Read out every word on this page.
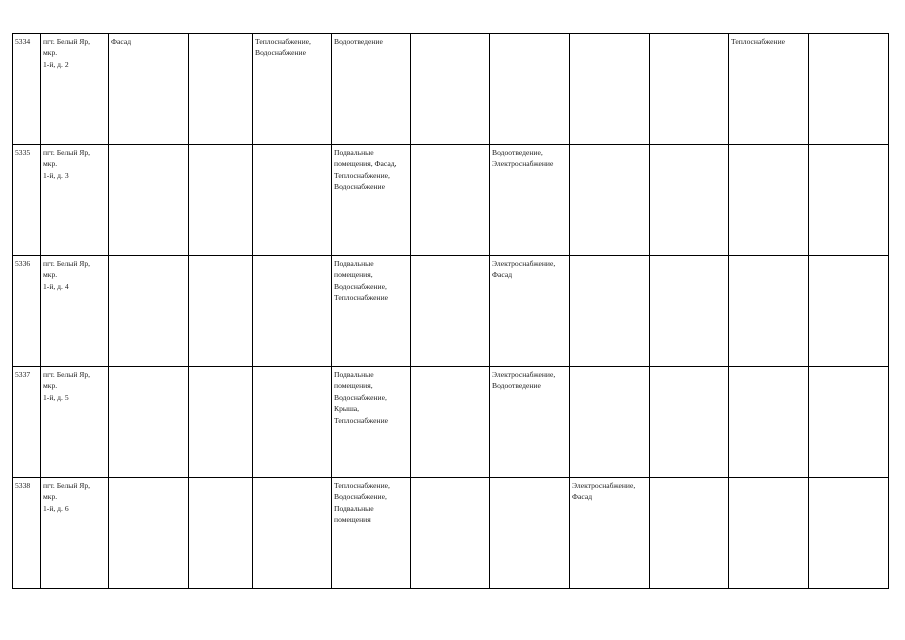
5334	пгт. Белый Яр,
мкр.
1-й, д. 2	Фасад		Теплоснабжение,
Водоснабжение	Водоотведение					Теплоснабжение	
5335	пгт. Белый Яр,
мкр.
1-й, д. 3				Подвальные
помещения, Фасад,
Теплоснабжение,
Водоснабжение		Водоотведение,
Электроснабжение				
5336	пгт. Белый Яр,
мкр.
1-й, д. 4				Подвальные
помещения,
Водоснабжение,
Теплоснабжение		Электроснабжение,
Фасад				
5337	пгт. Белый Яр,
мкр.
1-й, д. 5				Подвальные
помещения,
Водоснабжение,
Крыша,
Теплоснабжение		Электроснабжение,
Водоотведение				
5338	пгт. Белый Яр,
мкр.
1-й, д. 6				Теплоснабжение,
Водоснабжение,
Подвальные
помещения			Электроснабжение,
Фасад			
